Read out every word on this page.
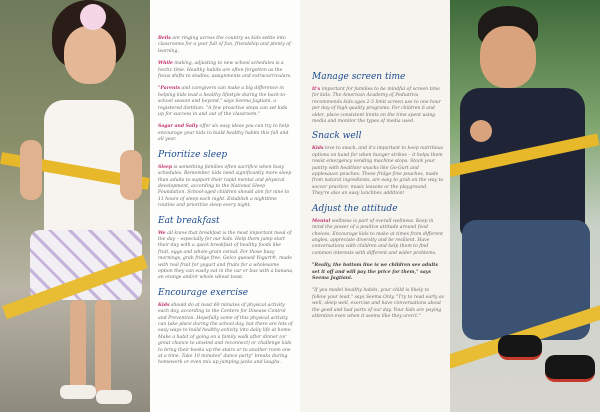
Bells are ringing across the country as kids settle into classrooms for a year full of fun, friendship and plenty of learning.

While making, adjusting to new school schedules is a hectic time. Healthy habits are often forgotten as the focus shifts to studies, assignments and extracurriculars.

"Parents and caregivers can make a big difference in helping kids lead a healthy lifestyle during the back-to-school season and beyond," says Seema Jagtiani, a registered dietitian. "A few proactive steps can set kids up for success in and out of the classroom."

Sagar and Sally offer six easy ideas you can try to help encourage your kids to build healthy habits this fall and all year.

Prioritize sleep

Sleep is something families often sacrifice when busy schedules. Remember, kids need significantly more sleep than adults to support their rapid mental and physical development, according to the National Sleep Foundation. School-aged children should aim for nine to 11 hours of sleep each night. Establish a nighttime routine and prioritize sleep every night.

Eat breakfast

We all know that breakfast is the most important meal of the day – especially for our kids. Help them jump start their day with a quick breakfast of healthy foods like fruit, eggs and whole-grain cereal. For those busy mornings, grab fridge-free, Gelco queued Yogurt®, made with real fruit for yogurt and fruits for a wholesome option they can easily eat in the car or bus with a banana, an orange and/or whole wheat toast.

Encourage exercise

Kids should do at least 60 minutes of physical activity each day, according to the Centers for Disease Control and Prevention. Hopefully some of this physical activity can take place during the school day, but there are lots of easy ways to build healthy activity into daily life at home. Make a habit of going on a family walk after dinner (or great chance to unwind and reconnect) or challenge kids to bring their books up the stairs or to another room one at a time. Take 10 minutes" dance party" breaks during homework or even mix up jumping jacks and laughs.

Manage screen time

It's important for families to be mindful of screen time for kids. The American Academy of Pediatrics recommends kids ages 2-5 limit screen use to one hour per day of high-quality programs. For children 6 and older, place consistent limits on the time spent using media and monitor the types of media used.

Snack well

Kids love to snack, and it's important to keep nutritious options on hand for when hunger strikes – it helps them resist emergency vending machine stops. Stock your pantry with healthier snacks like Go-Gurt and applesauce pouches. These fridge-free pouches, made from natural ingredients, are easy to grab on the way to soccer practice, music lessons or the playground. They're also an easy lunchbox addition!

Adjust the attitude

Mental wellness is part of overall wellness. Keep in mind the power of a positive attitude around food choices. Encourage kids to make at times from different angles, appreciate diversity and be resilient. Have conversations with children and help them to find common interests with different and wider problems.

"Really, the bottom line is we children see adults set it off and will pay the price for them," says Seema Jagtiani.

"If you model healthy habits, your child is likely to follow your lead," says Seema Only. "Try to read early as well, sleep well, exercise and have conversations about the good and bad parts of our day. Your kids are paying attention even when it seems like they aren't."
